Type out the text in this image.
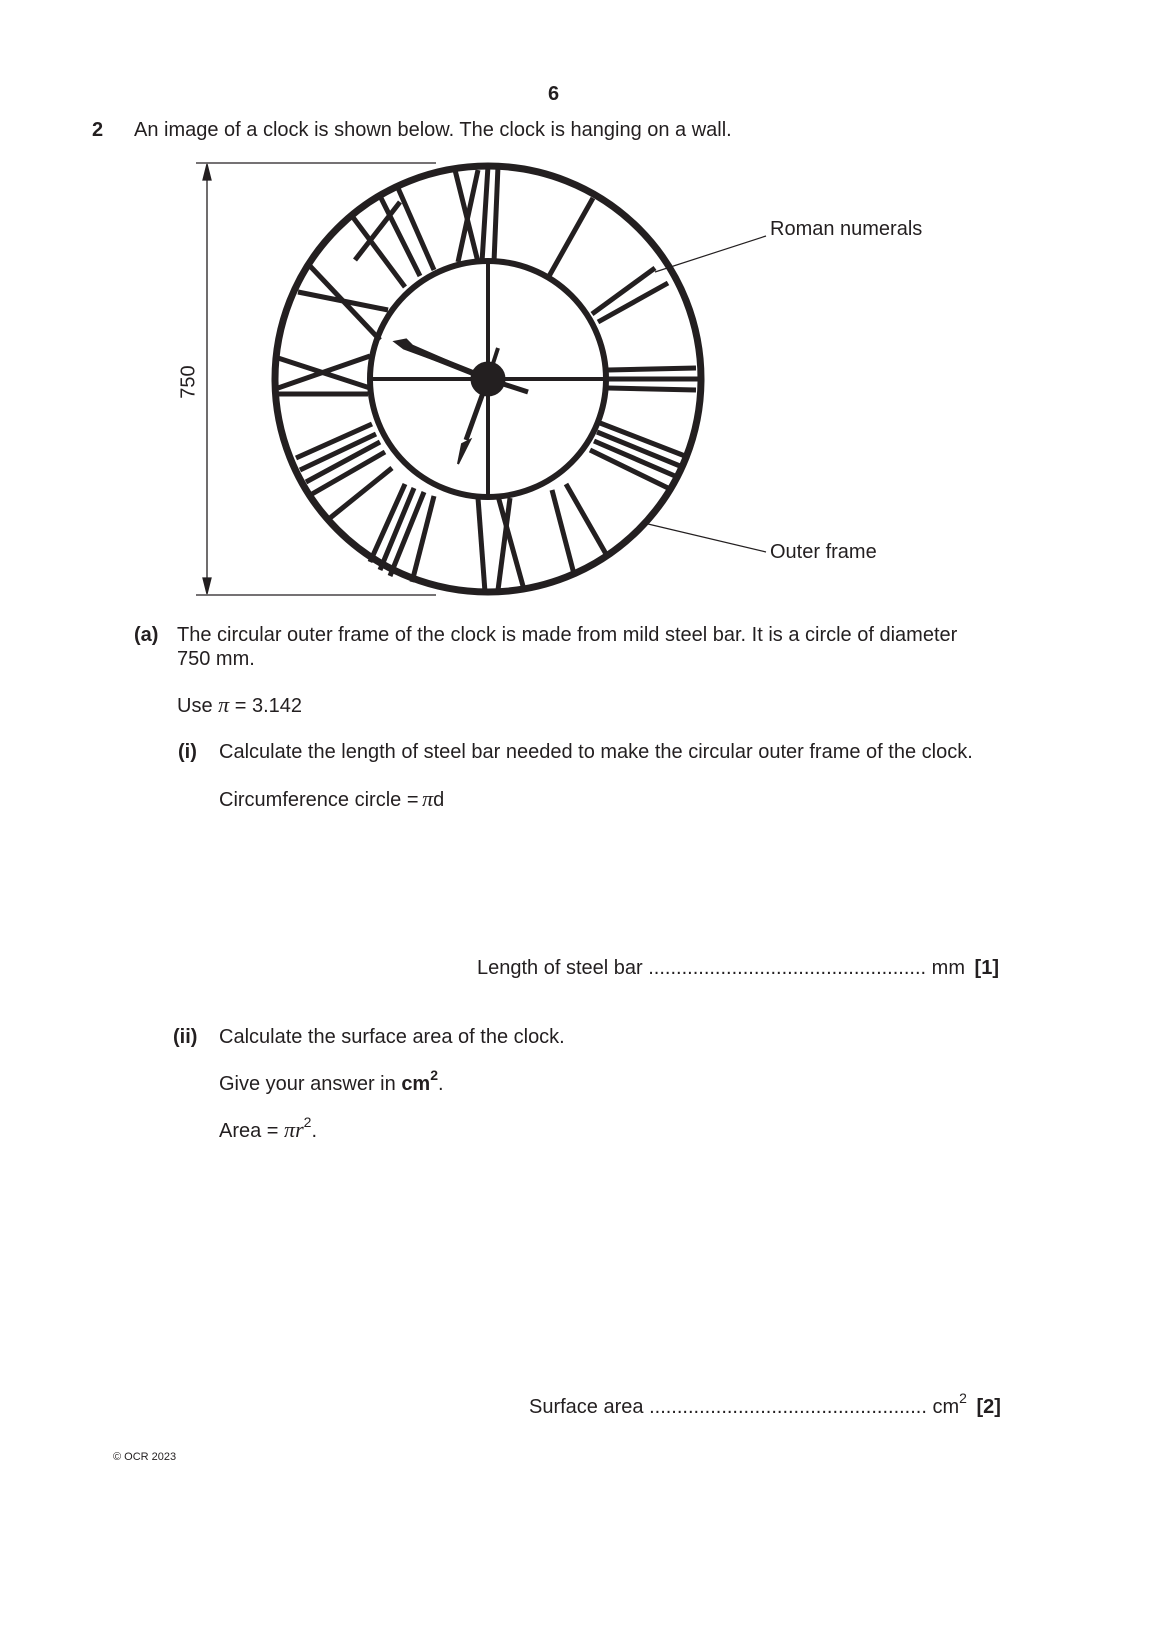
6
2 An image of a clock is shown below. The clock is hanging on a wall.
750
Roman numerals
Outer frame
(a) The circular outer frame of the clock is made from mild steel bar. It is a circle of diameter
750 mm.
Use π = 3.142
(i) Calculate the length of steel bar needed to make the circular outer frame of the clock.
Circumference circle = πd
Length of steel bar .................................................. mm [1]
(ii) Calculate the surface area of the clock.
Give your answer in $cm^2$.
Area = $\pi r^2$.
Surface area .................................................. $cm^2$ [2]
© OCR 2023
